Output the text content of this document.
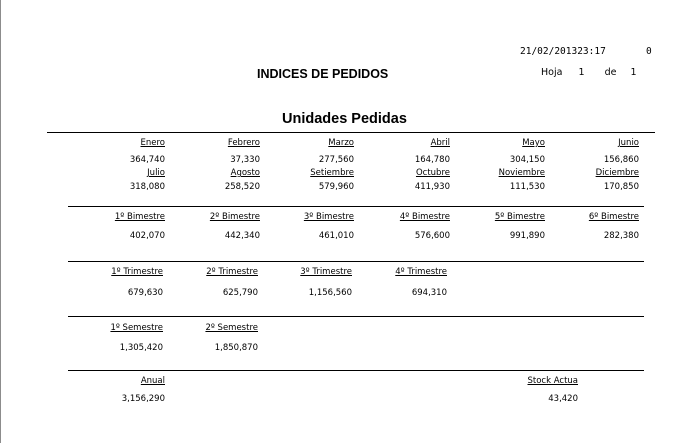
21/02/201323:17	0
INDICES DE PEDIDOS	Hoja 1 de 1
Unidades Pedidas
Enero	Febrero	Marzo	Abril	Mayo	Junio
364,740	37,330	277,560	164,780	304,150	156,860
Julio	Agosto	Setiembre	Octubre	Noviembre	Diciembre
318,080	258,520	579,960	411,930	111,530	170,850
1º Bimestre	2º Bimestre	3º Bimestre	4º Bimestre	5º Bimestre	6º Bimestre
402,070	442,340	461,010	576,600	991,890	282,380
1º Trimestre	2º Trimestre	3º Trimestre	4º Trimestre
679,630	625,790	1,156,560	694,310
1º Semestre	2º Semestre
1,305,420	1,850,870
Anual
3,156,290
Stock Actua
43,420
